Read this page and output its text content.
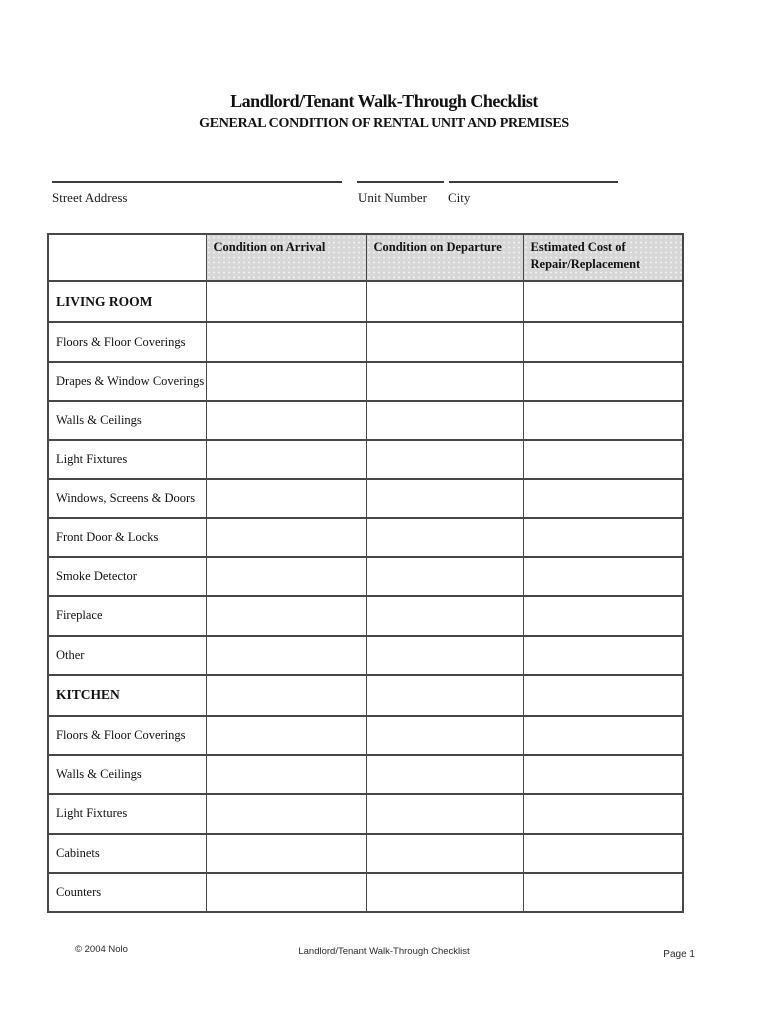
Landlord/Tenant Walk-Through Checklist
GENERAL CONDITION OF RENTAL UNIT AND PREMISES
Street Address	Unit Number City
	Condition on Arrival	Condition on Departure	Estimated Cost of Repair/Replacement
LIVING ROOM			
Floors & Floor Coverings			
Drapes & Window Coverings			
Walls & Ceilings			
Light Fixtures			
Windows, Screens & Doors			
Front Door & Locks			
Smoke Detector			
Fireplace			
Other			
KITCHEN			
Floors & Floor Coverings			
Walls & Ceilings			
Light Fixtures			
Cabinets			
Counters			
© 2004 Nolo	Landlord/Tenant Walk-Through Checklist	Page 1
